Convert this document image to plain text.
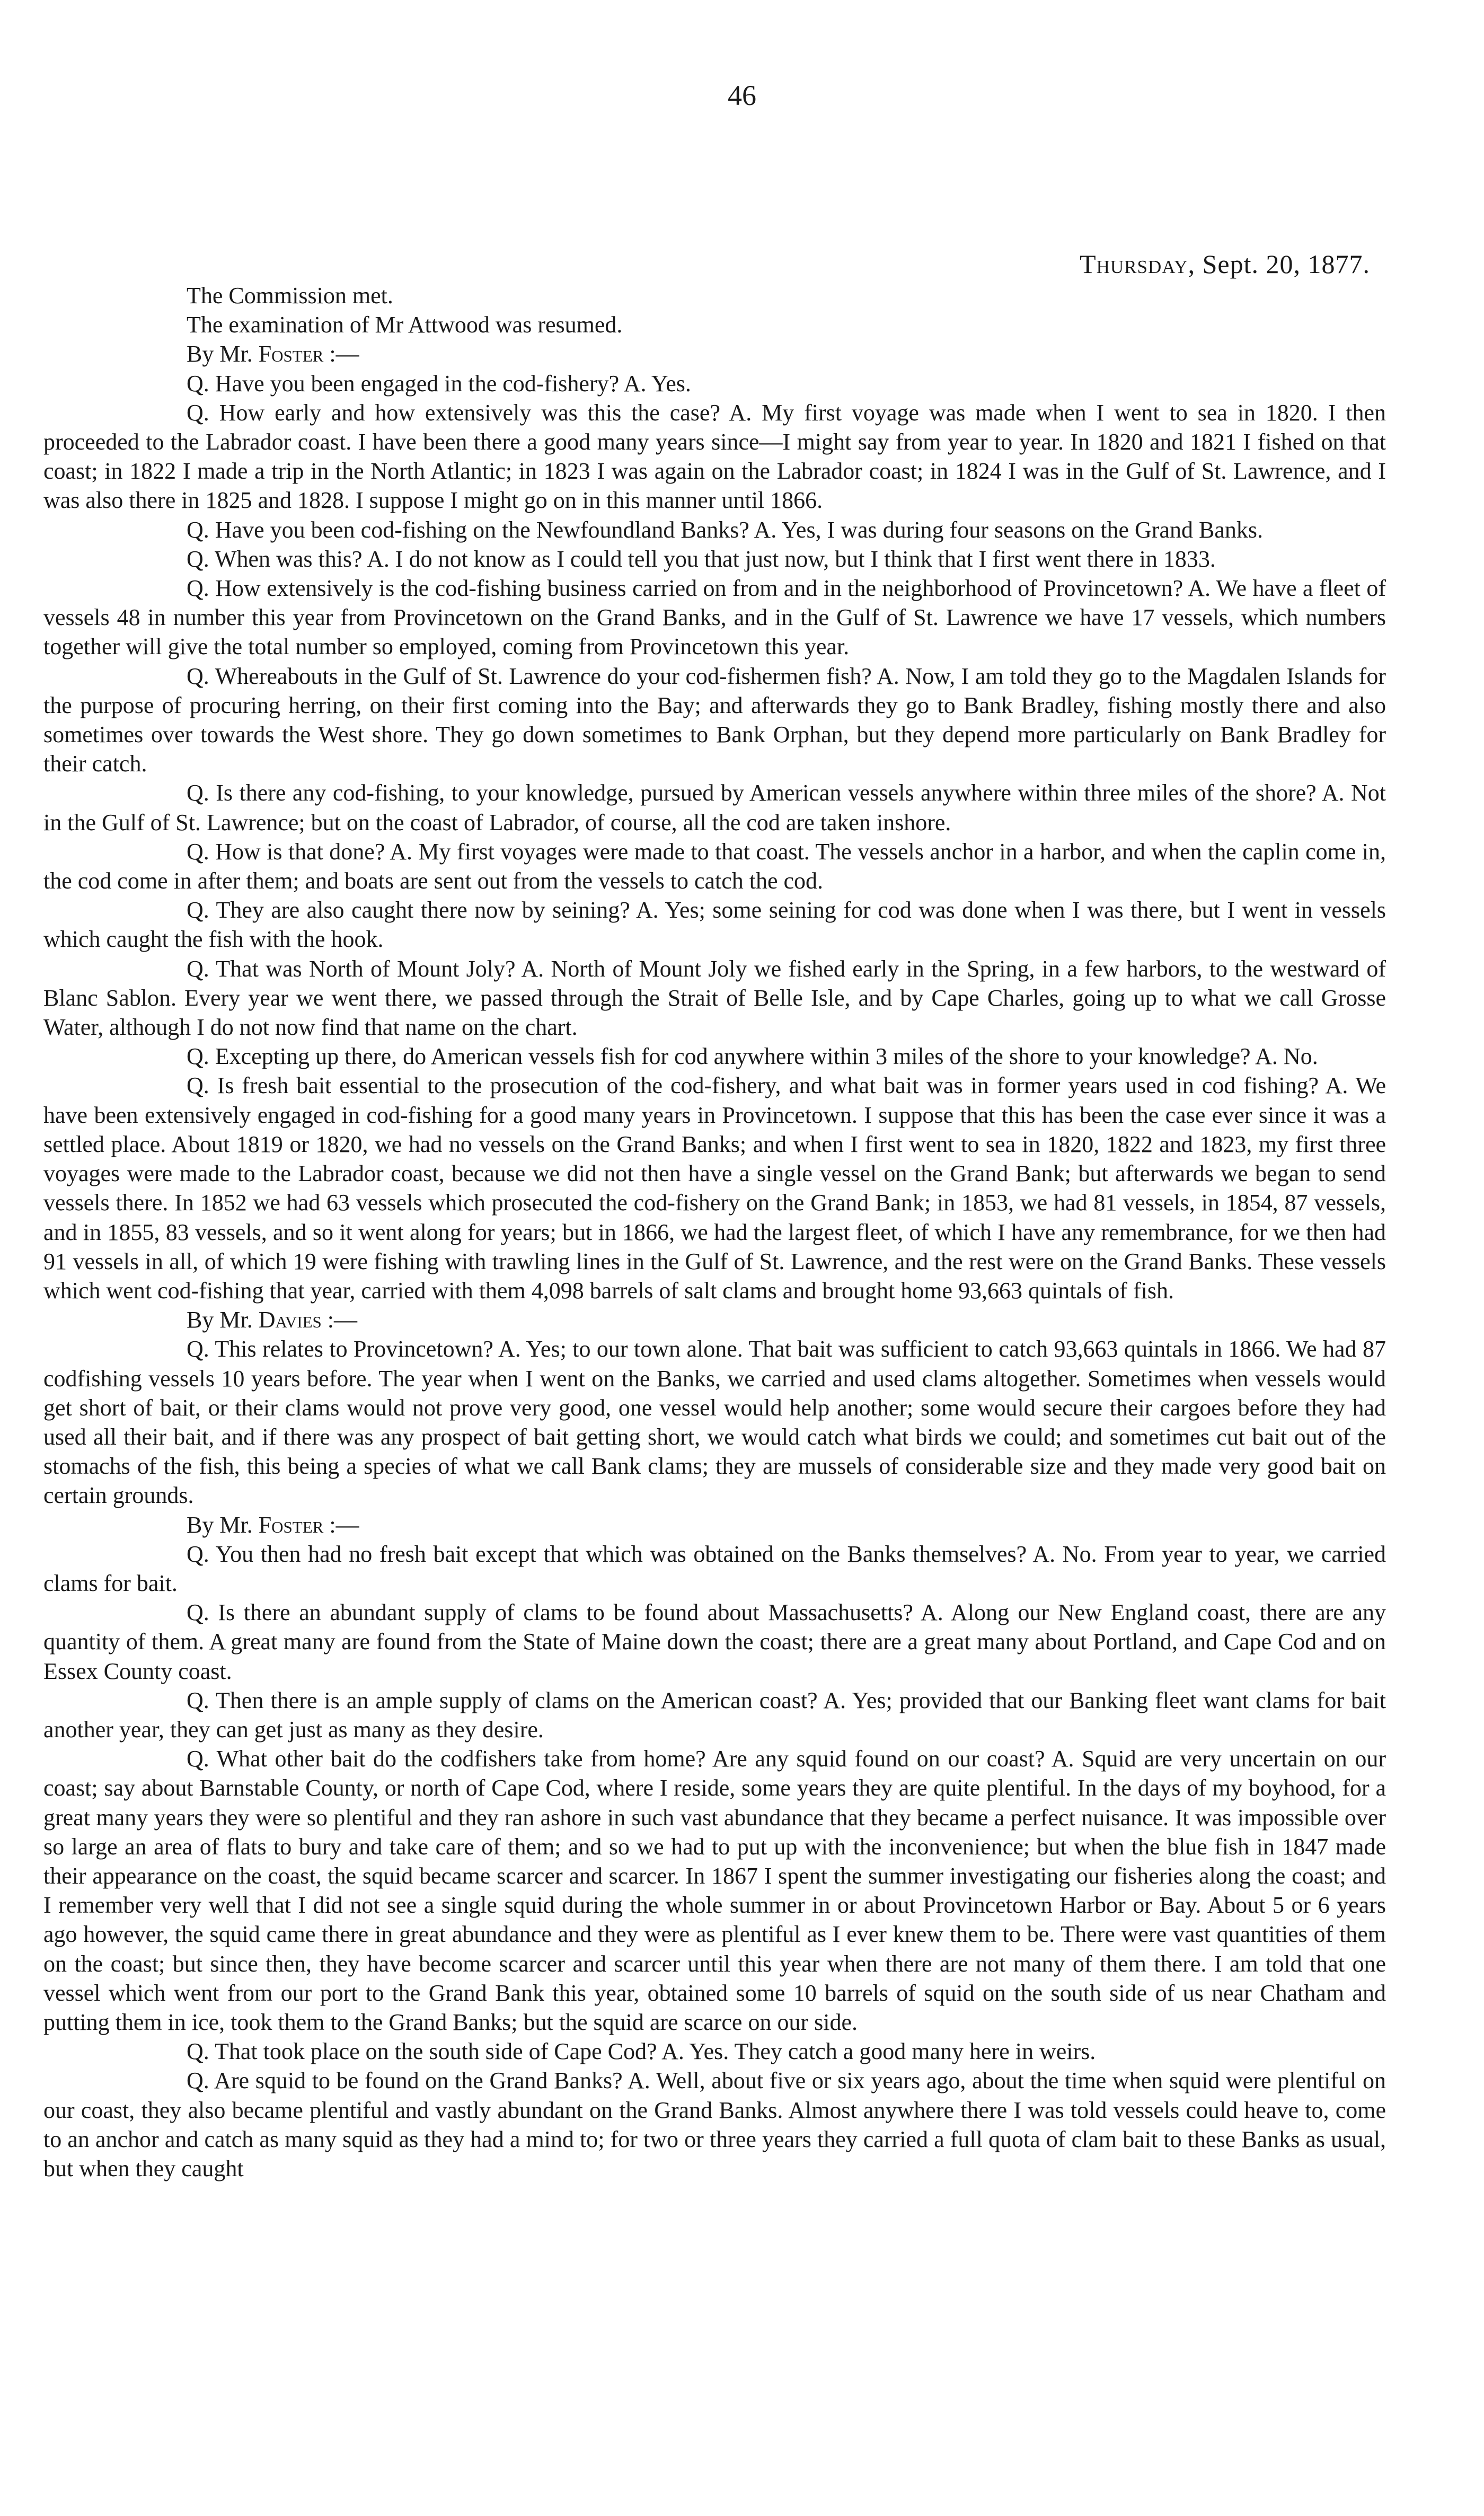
46
Thursday, Sept. 20, 1877.

The Commission met.

The examination of Mr Attwood was resumed.

By Mr. Foster :—

Q. Have you been engaged in the cod-fishery? A. Yes.

Q. How early and how extensively was this the case? A. My first voyage was made when I went to sea in 1820. I then proceeded to the Labrador coast. I have been there a good many years since—I might say from year to year. In 1820 and 1821 I fished on that coast; in 1822 I made a trip in the North Atlantic; in 1823 I was again on the Labrador coast; in 1824 I was in the Gulf of St. Lawrence, and I was also there in 1825 and 1828. I suppose I might go on in this manner until 1866.

Q. Have you been cod-fishing on the Newfoundland Banks? A. Yes, I was during four seasons on the Grand Banks.

Q. When was this? A. I do not know as I could tell you that just now, but I think that I first went there in 1833.

Q. How extensively is the cod-fishing business carried on from and in the neighborhood of Provincetown? A. We have a fleet of vessels 48 in number this year from Provincetown on the Grand Banks, and in the Gulf of St. Lawrence we have 17 vessels, which numbers together will give the total number so employed, coming from Provincetown this year.

Q. Whereabouts in the Gulf of St. Lawrence do your cod-fishermen fish? A. Now, I am told they go to the Magdalen Islands for the purpose of procuring herring, on their first coming into the Bay; and afterwards they go to Bank Bradley, fishing mostly there and also sometimes over towards the West shore. They go down sometimes to Bank Orphan, but they depend more particularly on Bank Bradley for their catch.

Q. Is there any cod-fishing, to your knowledge, pursued by American vessels anywhere within three miles of the shore? A. Not in the Gulf of St. Lawrence; but on the coast of Labrador, of course, all the cod are taken inshore.

Q. How is that done? A. My first voyages were made to that coast. The vessels anchor in a harbor, and when the caplin come in, the cod come in after them; and boats are sent out from the vessels to catch the cod.

Q. They are also caught there now by seining? A. Yes; some seining for cod was done when I was there, but I went in vessels which caught the fish with the hook.

Q. That was North of Mount Joly? A. North of Mount Joly we fished early in the Spring, in a few harbors, to the westward of Blanc Sablon. Every year we went there, we passed through the Strait of Belle Isle, and by Cape Charles, going up to what we call Grosse Water, although I do not now find that name on the chart.

Q. Excepting up there, do American vessels fish for cod anywhere within 3 miles of the shore to your knowledge? A. No.

Q. Is fresh bait essential to the prosecution of the cod-fishery, and what bait was in former years used in cod fishing? A. We have been extensively engaged in cod-fishing for a good many years in Provincetown. I suppose that this has been the case ever since it was a settled place. About 1819 or 1820, we had no vessels on the Grand Banks; and when I first went to sea in 1820, 1822 and 1823, my first three voyages were made to the Labrador coast, because we did not then have a single vessel on the Grand Bank; but afterwards we began to send vessels there. In 1852 we had 63 vessels which prosecuted the cod-fishery on the Grand Bank; in 1853, we had 81 vessels, in 1854, 87 vessels, and in 1855, 83 vessels, and so it went along for years; but in 1866, we had the largest fleet, of which I have any remembrance, for we then had 91 vessels in all, of which 19 were fishing with trawling lines in the Gulf of St. Lawrence, and the rest were on the Grand Banks. These vessels which went cod-fishing that year, carried with them 4,098 barrels of salt clams and brought home 93,663 quintals of fish.

By Mr. Davies :—

Q. This relates to Provincetown? A. Yes; to our town alone. That bait was sufficient to catch 93,663 quintals in 1866. We had 87 codfishing vessels 10 years before. The year when I went on the Banks, we carried and used clams altogether. Sometimes when vessels would get short of bait, or their clams would not prove very good, one vessel would help another; some would secure their cargoes before they had used all their bait, and if there was any prospect of bait getting short, we would catch what birds we could; and sometimes cut bait out of the stomachs of the fish, this being a species of what we call Bank clams; they are mussels of considerable size and they made very good bait on certain grounds.

By Mr. Foster :—

Q. You then had no fresh bait except that which was obtained on the Banks themselves? A. No. From year to year, we carried clams for bait.

Q. Is there an abundant supply of clams to be found about Massachusetts? A. Along our New England coast, there are any quantity of them. A great many are found from the State of Maine down the coast; there are a great many about Portland, and Cape Cod and on Essex County coast.

Q. Then there is an ample supply of clams on the American coast? A. Yes; provided that our Banking fleet want clams for bait another year, they can get just as many as they desire.

Q. What other bait do the codfishers take from home? Are any squid found on our coast? A. Squid are very uncertain on our coast; say about Barnstable County, or north of Cape Cod, where I reside, some years they are quite plentiful. In the days of my boyhood, for a great many years they were so plentiful and they ran ashore in such vast abundance that they became a perfect nuisance. It was impossible over so large an area of flats to bury and take care of them; and so we had to put up with the inconvenience; but when the blue fish in 1847 made their appearance on the coast, the squid became scarcer and scarcer. In 1867 I spent the summer investigating our fisheries along the coast; and I remember very well that I did not see a single squid during the whole summer in or about Provincetown Harbor or Bay. About 5 or 6 years ago however, the squid came there in great abundance and they were as plentiful as I ever knew them to be. There were vast quantities of them on the coast; but since then, they have become scarcer and scarcer until this year when there are not many of them there. I am told that one vessel which went from our port to the Grand Bank this year, obtained some 10 barrels of squid on the south side of us near Chatham and putting them in ice, took them to the Grand Banks; but the squid are scarce on our side.

Q. That took place on the south side of Cape Cod? A. Yes. They catch a good many here in weirs.

Q. Are squid to be found on the Grand Banks? A. Well, about five or six years ago, about the time when squid were plentiful on our coast, they also became plentiful and vastly abundant on the Grand Banks. Almost anywhere there I was told vessels could heave to, come to an anchor and catch as many squid as they had a mind to; for two or three years they carried a full quota of clam bait to these Banks as usual, but when they caught
